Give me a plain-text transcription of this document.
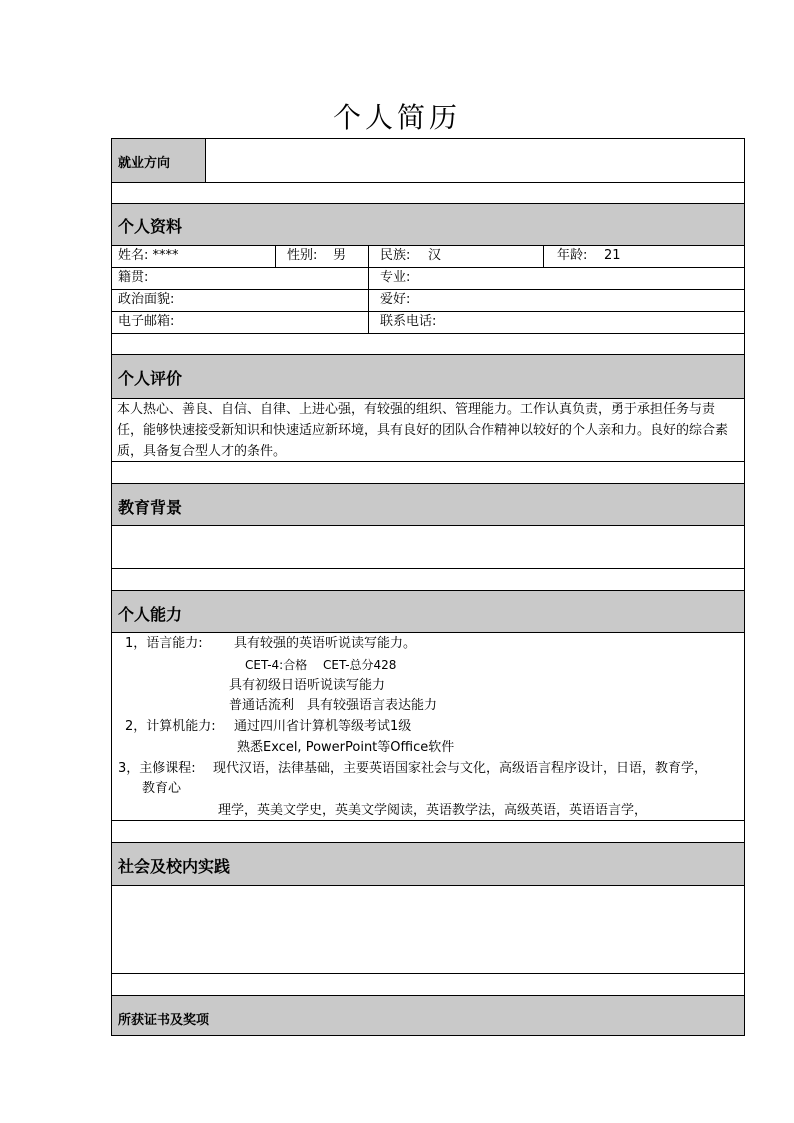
个人简历
就业方向
个人资料
姓名: ****	性别: 男	民族: 汉	年龄: 21
籍贯:	专业:
政治面貌:	爱好:
电子邮箱:	联系电话:
个人评价
本人热心、善良、自信、自律、上进心强，有较强的组织、管理能力。工作认真负责，勇于承担任务与责任，能够快速接受新知识和快速适应新环境，具有良好的团队合作精神以较好的个人亲和力。良好的综合素质，具备复合型人才的条件。
教育背景
个人能力
1，语言能力: 具有较强的英语听说读写能力。
CET-4:合格　 CET-总分428
具有初级日语听说读写能力
普通话流利　具有较强语言表达能力
2，计算机能力: 通过四川省计算机等级考试1级
熟悉Excel, PowerPoint等Office软件
3，主修课程: 现代汉语，法律基础，主要英语国家社会与文化，高级语言程序设计，日语，教育学，
教育心
理学，英美文学史，英美文学阅读，英语教学法，高级英语，英语语言学，
社会及校内实践
所获证书及奖项
